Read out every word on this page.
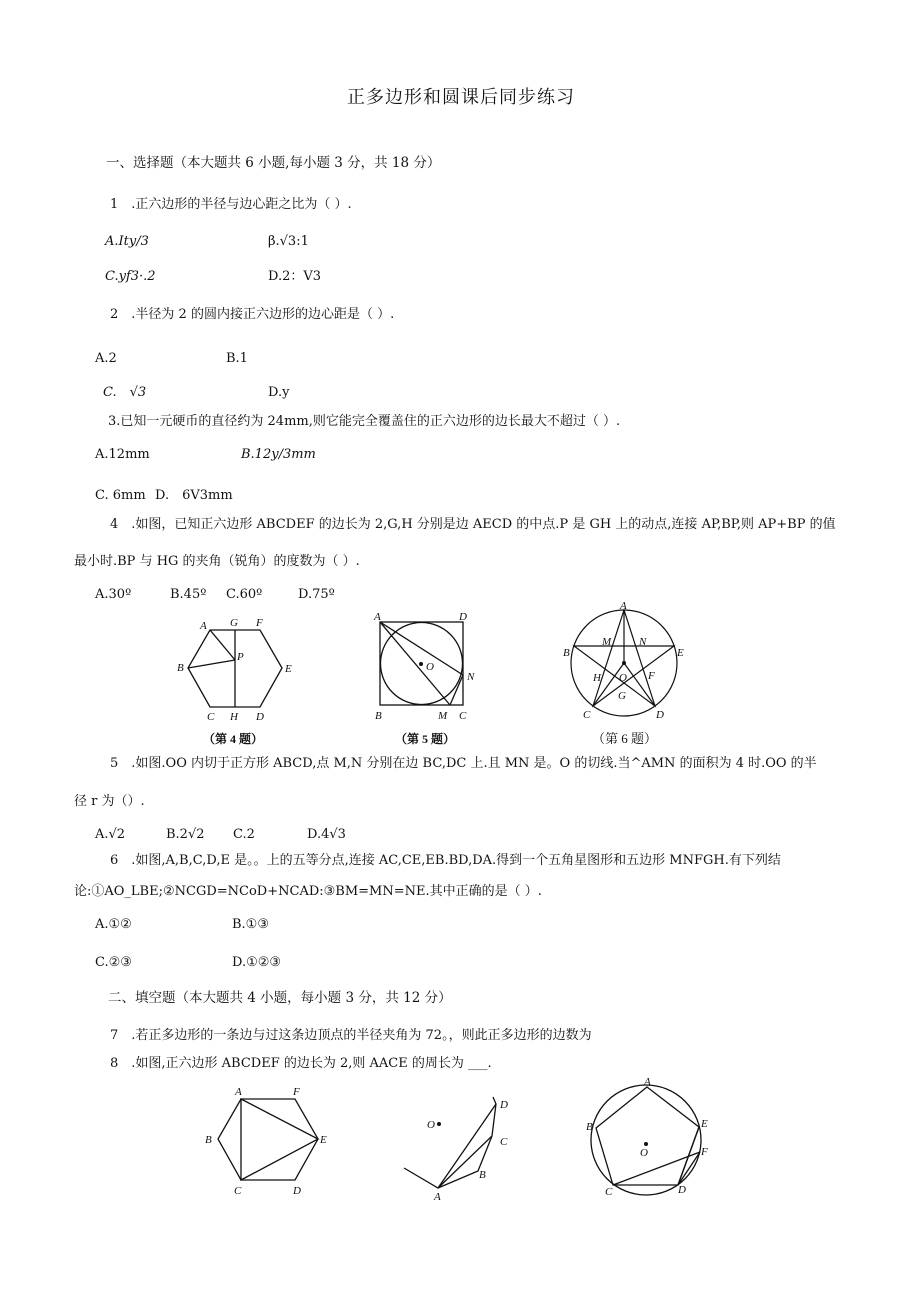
正多边形和圆课后同步练习
一、选择题（本大题共 6 小题,每小题 3 分，共 18 分）
1　.正六边形的半径与边心距之比为（ ）.
A.Ity/3	β.√3:1
C.yf3·.2	D.2：V3
2　.半径为 2 的圆内接正六边形的边心距是（ ）.
A.2	B.1
C.　√3	D.y
3.已知一元硬币的直径约为 24mm,则它能完全覆盖住的正六边形的边长最大不超过（ ）.
A.12mm	B.12y/3mm
C. 6mm D.　6V3mm
4　.如图，已知正六边形 ABCDEF 的边长为 2,G,H 分别是边 AECD 的中点.P 是 GH 上的动点,连接 AP,BP,则 AP+BP 的值
最小时.BP 与 HG 的夹角（锐角）的度数为（ ）.
A.30º	B.45º C.60º	D.75º
A G F
B
P
E
C H D
（第 4 题）
A	D
O
N
B	M C
（第 5 题）
A
M	N
B	E
H O F
G
C	D
（第 6 题）
5　.如图.OO 内切于正方形 ABCD,点 M,N 分别在边 BC,DC 上.且 MN 是。O 的切线.当^AMN 的面积为 4 时.OO 的半
径 r 为（）.
A.√2	B.2√2 C.2	D.4√3
6　.如图,A,B,C,D,E 是。。上的五等分点,连接 AC,CE,EB.BD,DA.得到一个五角星图形和五边形 MNFGH.有下列结
论:①AO_LBE;②NCGD=NCoD+NCAD:③BM=MN=NE.其中正确的是（ ）.
A.①②	B.①③
C.②③	D.①②③
二、填空题（本大题共 4 小题，每小题 3 分，共 12 分）
7　.若正多边形的一条边与过这条边顶点的半径夹角为 72。，则此正多边形的边数为
8　.如图,正六边形 ABCDEF 的边长为 2,则 AACE 的周长为 ___.
A	F
B	E
C	D
D
O
C
B
A
A
B	E
O	F
C	D
